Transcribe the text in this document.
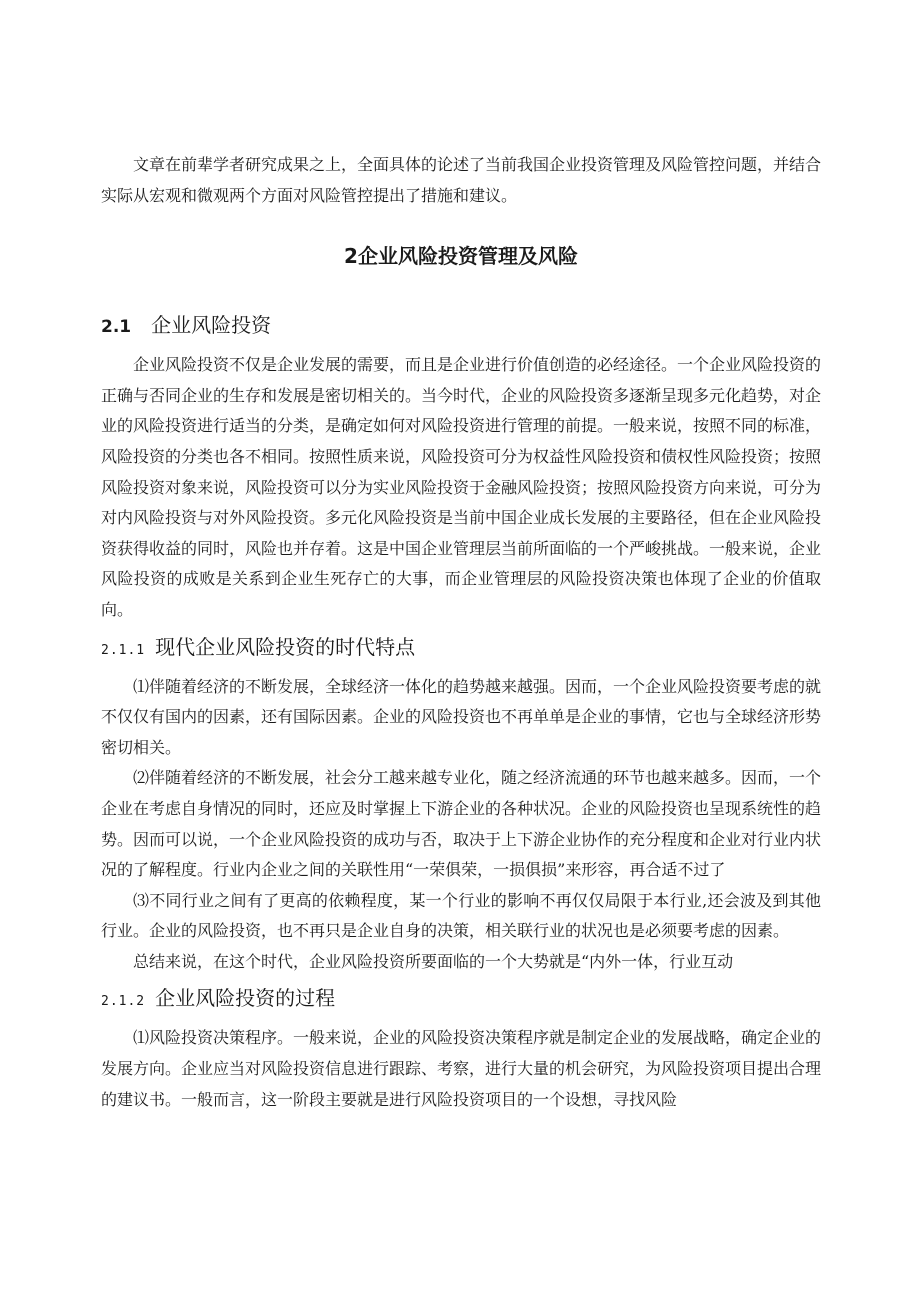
文章在前辈学者研究成果之上，全面具体的论述了当前我国企业投资管理及风险管控问题，并结合实际从宏观和微观两个方面对风险管控提出了措施和建议。

2企业风险投资管理及风险
2.1 企业风险投资

企业风险投资不仅是企业发展的需要，而且是企业进行价值创造的必经途径。一个企业风险投资的正确与否同企业的生存和发展是密切相关的。当今时代，企业的风险投资多逐渐呈现多元化趋势，对企业的风险投资进行适当的分类，是确定如何对风险投资进行管理的前提。一般来说，按照不同的标准，风险投资的分类也各不相同。按照性质来说，风险投资可分为权益性风险投资和债权性风险投资；按照风险投资对象来说，风险投资可以分为实业风险投资于金融风险投资；按照风险投资方向来说，可分为对内风险投资与对外风险投资。多元化风险投资是当前中国企业成长发展的主要路径，但在企业风险投资获得收益的同时，风险也并存着。这是中国企业管理层当前所面临的一个严峻挑战。一般来说，企业风险投资的成败是关系到企业生死存亡的大事，而企业管理层的风险投资决策也体现了企业的价值取向。

2.1.1 现代企业风险投资的时代特点

⑴伴随着经济的不断发展，全球经济一体化的趋势越来越强。因而，一个企业风险投资要考虑的就不仅仅有国内的因素，还有国际因素。企业的风险投资也不再单单是企业的事情，它也与全球经济形势密切相关。

⑵伴随着经济的不断发展，社会分工越来越专业化，随之经济流通的环节也越来越多。因而，一个企业在考虑自身情况的同时，还应及时掌握上下游企业的各种状况。企业的风险投资也呈现系统性的趋势。因而可以说，一个企业风险投资的成功与否，取决于上下游企业协作的充分程度和企业对行业内状况的了解程度。行业内企业之间的关联性用“一荣俱荣，一损俱损”来形容，再合适不过了

⑶不同行业之间有了更高的依赖程度，某一个行业的影响不再仅仅局限于本行业,还会波及到其他行业。企业的风险投资，也不再只是企业自身的决策，相关联行业的状况也是必须要考虑的因素。

总结来说，在这个时代，企业风险投资所要面临的一个大势就是“内外一体，行业互动

2.1.2 企业风险投资的过程

⑴风险投资决策程序。一般来说，企业的风险投资决策程序就是制定企业的发展战略，确定企业的发展方向。企业应当对风险投资信息进行跟踪、考察，进行大量的机会研究，为风险投资项目提出合理的建议书。一般而言，这一阶段主要就是进行风险投资项目的一个设想，寻找风险
